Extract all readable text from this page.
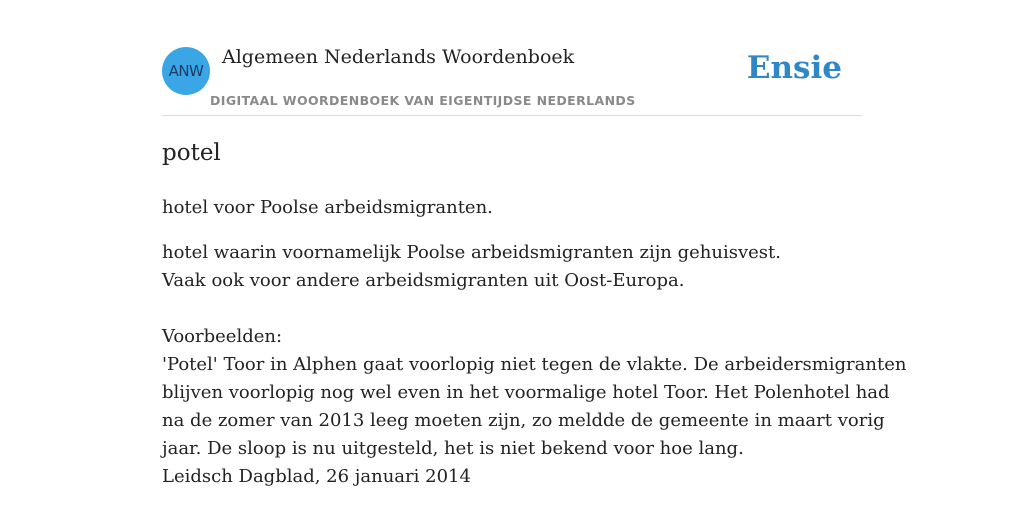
ANW
Algemeen Nederlands Woordenboek
DIGITAAL WOORDENBOEK VAN EIGENTIJDSE NEDERLANDS
Ensie
potel
hotel voor Poolse arbeidsmigranten.
hotel waarin voornamelijk Poolse arbeidsmigranten zijn gehuisvest.
Vaak ook voor andere arbeidsmigranten uit Oost-Europa.
Voorbeelden:
'Potel' Toor in Alphen gaat voorlopig niet tegen de vlakte. De arbeidersmigranten
blijven voorlopig nog wel even in het voormalige hotel Toor. Het Polenhotel had
na de zomer van 2013 leeg moeten zijn, zo meldde de gemeente in maart vorig
jaar. De sloop is nu uitgesteld, het is niet bekend voor hoe lang.
Leidsch Dagblad, 26 januari 2014
